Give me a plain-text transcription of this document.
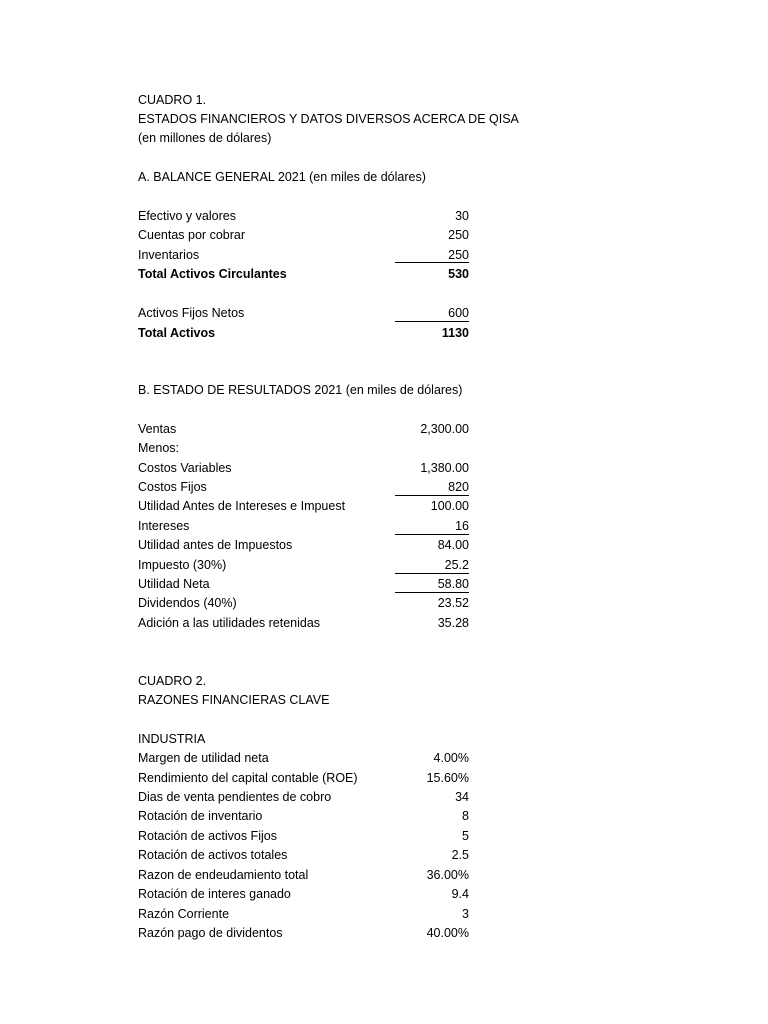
CUADRO 1.
ESTADOS FINANCIEROS Y DATOS DIVERSOS ACERCA DE QISA
(en millones de dólares)
A. BALANCE GENERAL 2021 (en miles de dólares)
Efectivo y valores	30
Cuentas por cobrar	250
Inventarios	250
Total Activos Circulantes	530
Activos Fijos Netos	600
Total Activos	1130
B. ESTADO DE RESULTADOS 2021 (en miles de dólares)
Ventas	2,300.00
Menos:
Costos Variables	1,380.00
Costos Fijos	820
Utilidad Antes de Intereses e Impuest	100.00
Intereses	16
Utilidad antes de Impuestos	84.00
Impuesto (30%)	25.2
Utilidad Neta	58.80
Dividendos (40%)	23.52
Adición a las utilidades retenidas	35.28
CUADRO 2.
RAZONES FINANCIERAS CLAVE
INDUSTRIA
Margen de utilidad neta	4.00%
Rendimiento del capital contable (ROE)	15.60%
Dias de venta pendientes de cobro	34
Rotación de inventario	8
Rotación de activos Fijos	5
Rotación de activos totales	2.5
Razon de endeudamiento total	36.00%
Rotación de interes ganado	9.4
Razón Corriente	3
Razón pago de dividentos	40.00%
